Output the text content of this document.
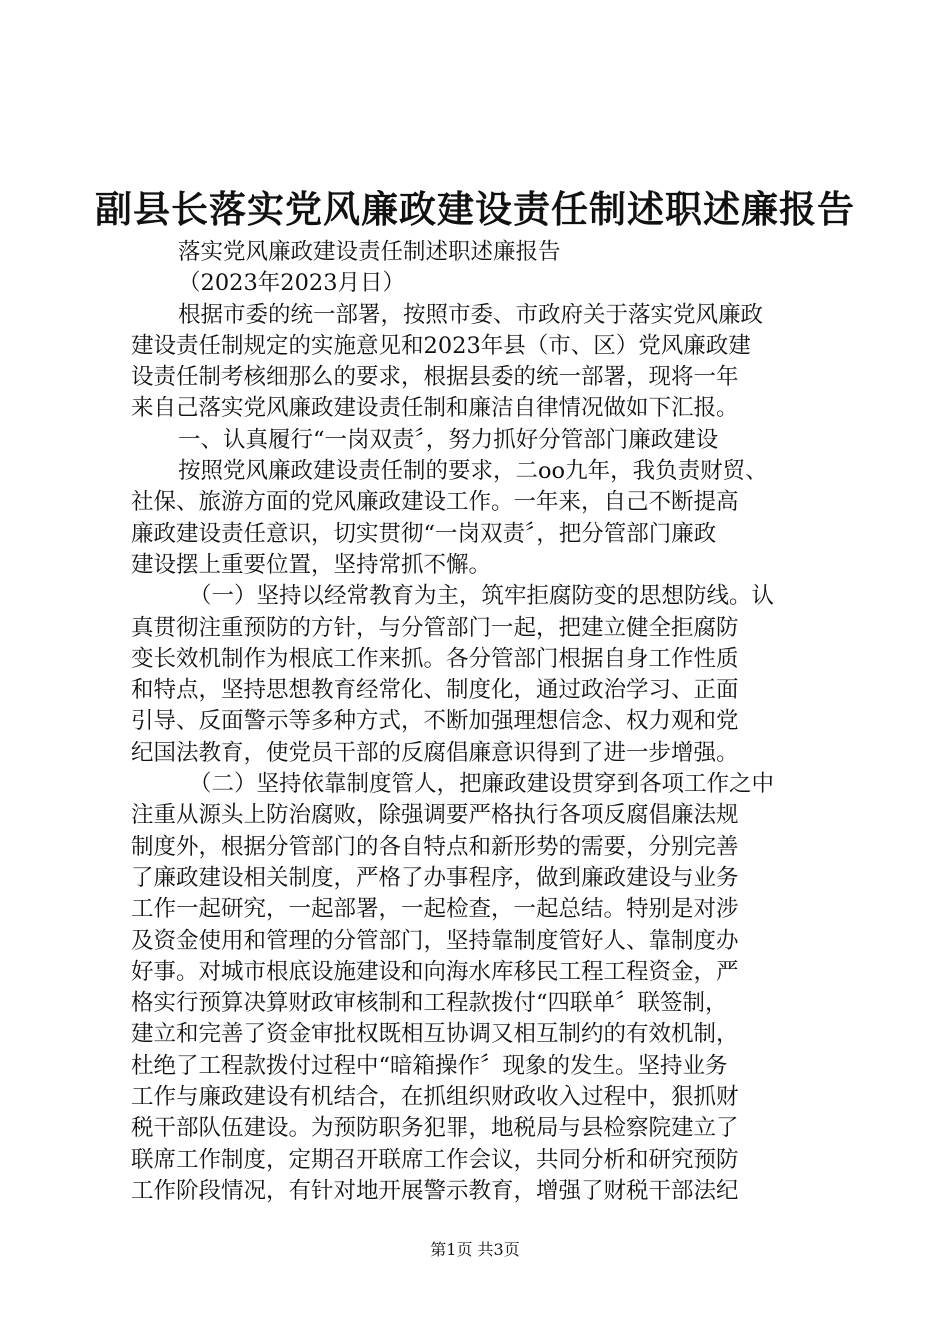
副县长落实党风廉政建设责任制述职述廉报告
落实党风廉政建设责任制述职述廉报告
（2023年2023月日）
根据市委的统一部署，按照市委、市政府关于落实党风廉政
建设责任制规定的实施意见和2023年县（市、区）党风廉政建
设责任制考核细那么的要求，根据县委的统一部署，现将一年
来自己落实党风廉政建设责任制和廉洁自律情况做如下汇报。
一、认真履行“一岗双责〞，努力抓好分管部门廉政建设
按照党风廉政建设责任制的要求，二oo九年，我负责财贸、
社保、旅游方面的党风廉政建设工作。一年来，自己不断提高
廉政建设责任意识，切实贯彻“一岗双责〞，把分管部门廉政
建设摆上重要位置，坚持常抓不懈。
（一）坚持以经常教育为主，筑牢拒腐防变的思想防线。认
真贯彻注重预防的方针，与分管部门一起，把建立健全拒腐防
变长效机制作为根底工作来抓。各分管部门根据自身工作性质
和特点，坚持思想教育经常化、制度化，通过政治学习、正面
引导、反面警示等多种方式，不断加强理想信念、权力观和党
纪国法教育，使党员干部的反腐倡廉意识得到了进一步增强。
（二）坚持依靠制度管人，把廉政建设贯穿到各项工作之中
注重从源头上防治腐败，除强调要严格执行各项反腐倡廉法规
制度外，根据分管部门的各自特点和新形势的需要，分别完善
了廉政建设相关制度，严格了办事程序，做到廉政建设与业务
工作一起研究，一起部署，一起检查，一起总结。特别是对涉
及资金使用和管理的分管部门，坚持靠制度管好人、靠制度办
好事。对城市根底设施建设和向海水库移民工程工程资金，严
格实行预算决算财政审核制和工程款拨付“四联单〞联签制，
建立和完善了资金审批权既相互协调又相互制约的有效机制，
杜绝了工程款拨付过程中“暗箱操作〞现象的发生。坚持业务
工作与廉政建设有机结合，在抓组织财政收入过程中，狠抓财
税干部队伍建设。为预防职务犯罪，地税局与县检察院建立了
联席工作制度，定期召开联席工作会议，共同分析和研究预防
工作阶段情况，有针对地开展警示教育，增强了财税干部法纪
第1页 共3页
